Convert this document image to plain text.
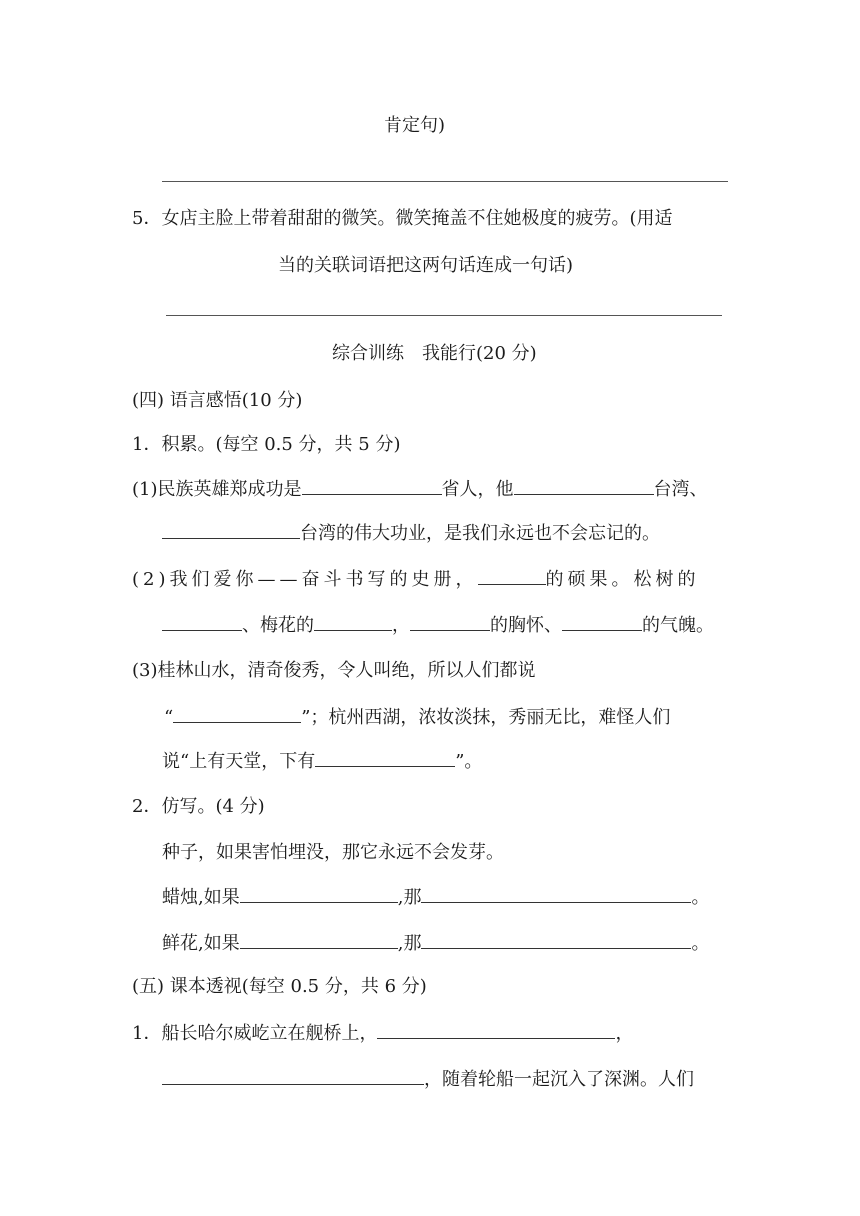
肯定句)
5．女店主脸上带着甜甜的微笑。微笑掩盖不住她极度的疲劳。(用适
当的关联词语把这两句话连成一句话)
综合训练　我能行(20 分)
(四) 语言感悟(10 分)
1．积累。(每空 0.5 分，共 5 分)
(1)民族英雄郑成功是	省人，他	台湾、
台湾的伟大功业，是我们永远也不会忘记的。
(2)我们爱你——奋斗书写的史册，	的硕果。松树的
、梅花的	，	的胸怀、	的气魄。
(3)桂林山水，清奇俊秀，令人叫绝，所以人们都说
“	”；杭州西湖，浓妆淡抹，秀丽无比，难怪人们
说“上有天堂，下有	”。
2．仿写。(4 分)
种子，如果害怕埋没，那它永远不会发芽。
蜡烛,如果	,那	。
鲜花,如果	,那	。
(五) 课本透视(每空 0.5 分，共 6 分)
1．船长哈尔威屹立在舰桥上，	，
，随着轮船一起沉入了深渊。人们
